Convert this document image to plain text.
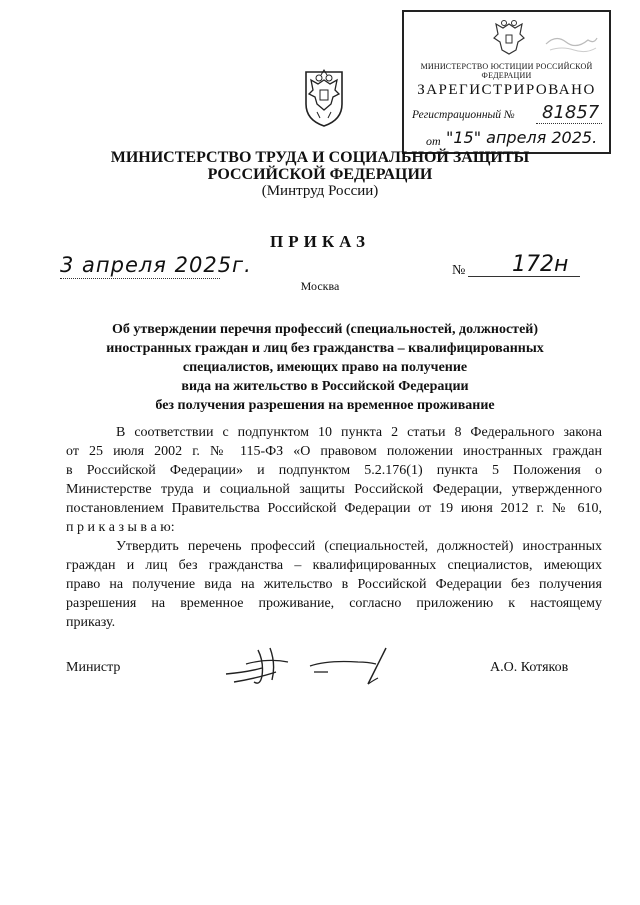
МИНИСТЕРСТВО ЮСТИЦИИ РОССИЙСКОЙ ФЕДЕРАЦИИ
ЗАРЕГИСТРИРОВАНО
Регистрационный № 81857
от "15" апреля 2025.
МИНИСТЕРСТВО ТРУДА И СОЦИАЛЬНОЙ ЗАЩИТЫ
РОССИЙСКОЙ ФЕДЕРАЦИИ
(Минтруд России)
ПРИКАЗ
3 апреля 2025г.	№ 172н
Москва
Об утверждении перечня профессий (специальностей, должностей)
иностранных граждан и лиц без гражданства – квалифицированных
специалистов, имеющих право на получение
вида на жительство в Российской Федерации
без получения разрешения на временное проживание
В соответствии с подпунктом 10 пункта 2 статьи 8 Федерального закона
от 25 июля 2002 г. № 115-ФЗ «О правовом положении иностранных граждан
в Российской Федерации» и подпунктом 5.2.176(1) пункта 5 Положения о
Министерстве труда и социальной защиты Российской Федерации, утвержденного
постановлением Правительства Российской Федерации от 19 июня 2012 г. № 610,
п р и к а з ы в а ю:
Утвердить перечень профессий (специальностей, должностей) иностранных
граждан и лиц без гражданства – квалифицированных специалистов, имеющих
право на получение вида на жительство в Российской Федерации без получения
разрешения на временное проживание, согласно приложению к настоящему
приказу.
Министр	А.О. Котяков
